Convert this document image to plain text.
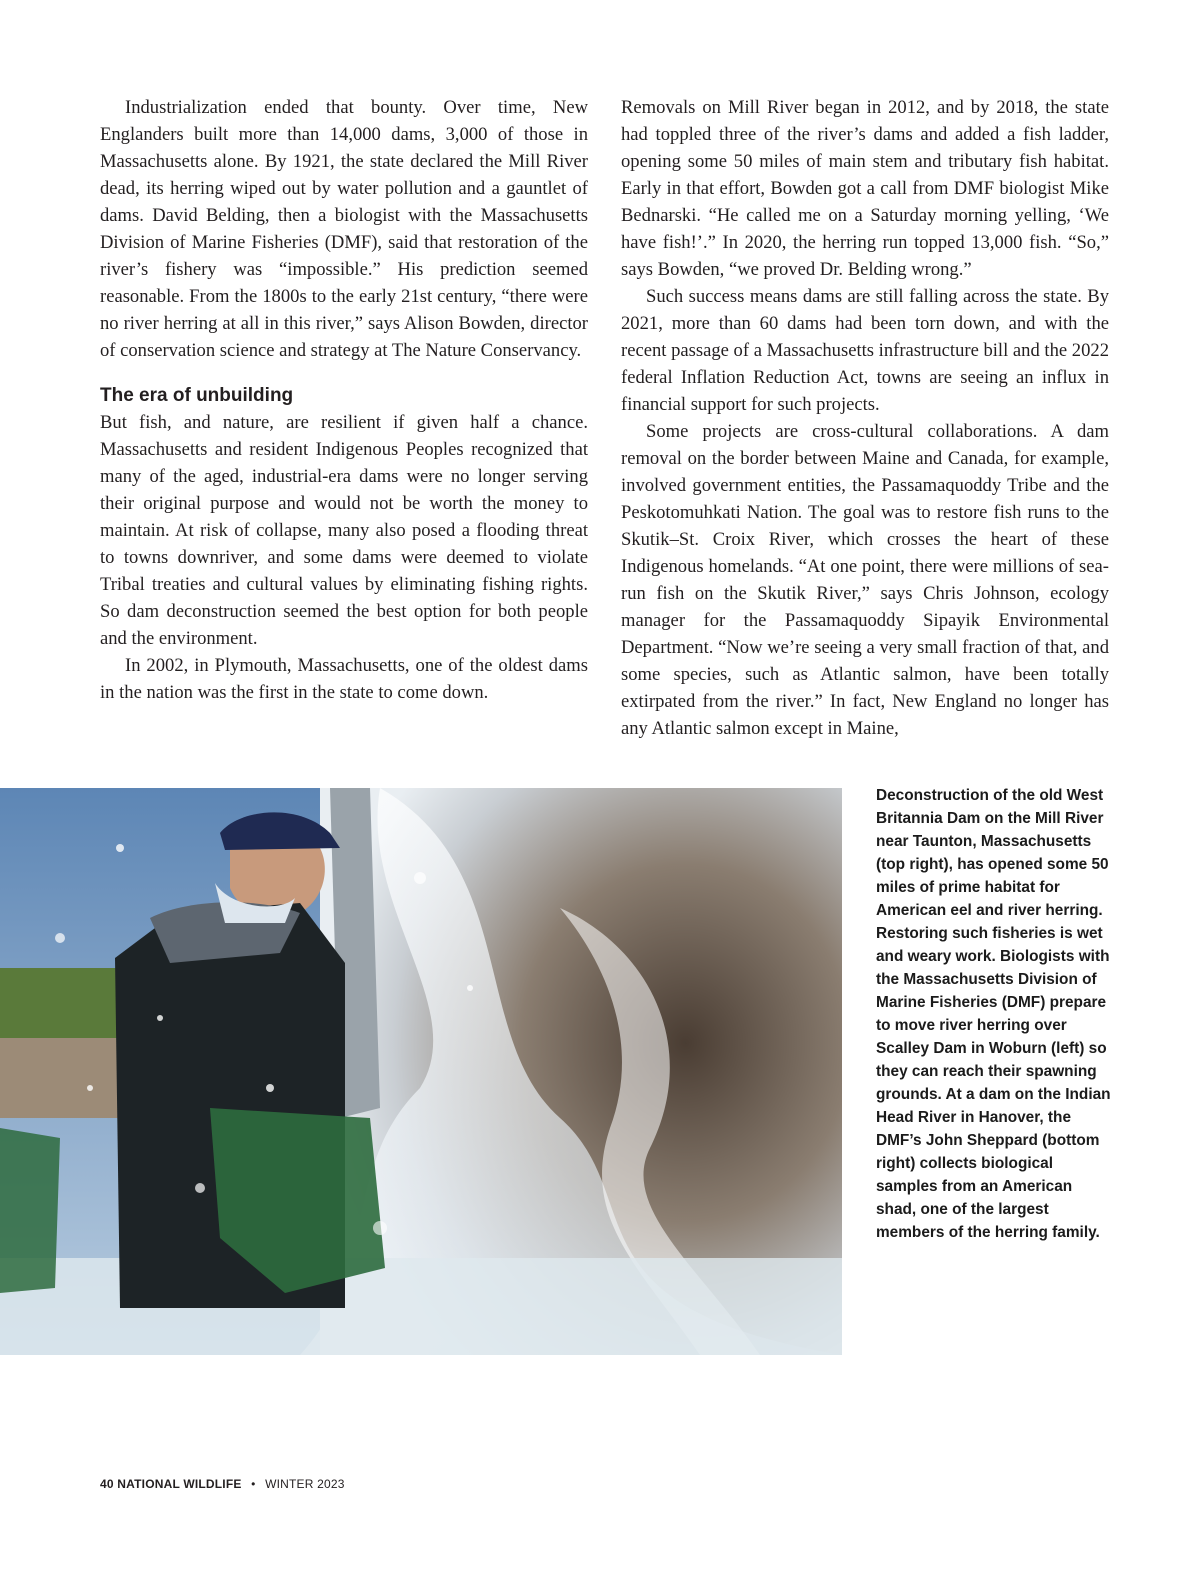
Industrialization ended that bounty. Over time, New Englanders built more than 14,000 dams, 3,000 of those in Massachusetts alone. By 1921, the state declared the Mill River dead, its herring wiped out by water pollution and a gauntlet of dams. David Belding, then a biologist with the Massachusetts Division of Marine Fisheries (DMF), said that restoration of the river’s fishery was “impossible.” His prediction seemed reasonable. From the 1800s to the early 21st century, “there were no river herring at all in this river,” says Alison Bowden, director of conservation science and strategy at The Nature Conservancy.

The era of unbuilding

But fish, and nature, are resilient if given half a chance. Massachusetts and resident Indigenous Peoples recognized that many of the aged, industrial-era dams were no longer serving their original purpose and would not be worth the money to maintain. At risk of collapse, many also posed a flooding threat to towns downriver, and some dams were deemed to violate Tribal treaties and cultural values by eliminating fishing rights. So dam deconstruction seemed the best option for both people and the environment.

In 2002, in Plymouth, Massachusetts, one of the oldest dams in the nation was the first in the state to come down.

Removals on Mill River began in 2012, and by 2018, the state had toppled three of the river’s dams and added a fish ladder, opening some 50 miles of main stem and tributary fish habitat. Early in that effort, Bowden got a call from DMF biologist Mike Bednarski. “He called me on a Saturday morning yelling, ‘We have fish!’.” In 2020, the herring run topped 13,000 fish. “So,” says Bowden, “we proved Dr. Belding wrong.”

Such success means dams are still falling across the state. By 2021, more than 60 dams had been torn down, and with the recent passage of a Massachusetts infrastructure bill and the 2022 federal Inflation Reduction Act, towns are seeing an influx in financial support for such projects.

Some projects are cross-cultural collaborations. A dam removal on the border between Maine and Canada, for example, involved government entities, the Passamaquoddy Tribe and the Peskotomuhkati Nation. The goal was to restore fish runs to the Skutik–St. Croix River, which crosses the heart of these Indigenous homelands. “At one point, there were millions of sea-run fish on the Skutik River,” says Chris Johnson, ecology manager for the Passamaquoddy Sipayik Environmental Department. “Now we’re seeing a very small fraction of that, and some species, such as Atlantic salmon, have been totally extirpated from the river.” In fact, New England no longer has any Atlantic salmon except in Maine,

Deconstruction of the old West Britannia Dam on the Mill River near Taunton, Massachusetts (top right), has opened some 50 miles of prime habitat for American eel and river herring. Restoring such fisheries is wet and weary work. Biologists with the Massachusetts Division of Marine Fisheries (DMF) prepare to move river herring over Scalley Dam in Woburn (left) so they can reach their spawning grounds. At a dam on the Indian Head River in Hanover, the DMF’s John Sheppard (bottom right) collects biological samples from an American shad, one of the largest members of the herring family.

40 NATIONAL WILDLIFE • WINTER 2023
